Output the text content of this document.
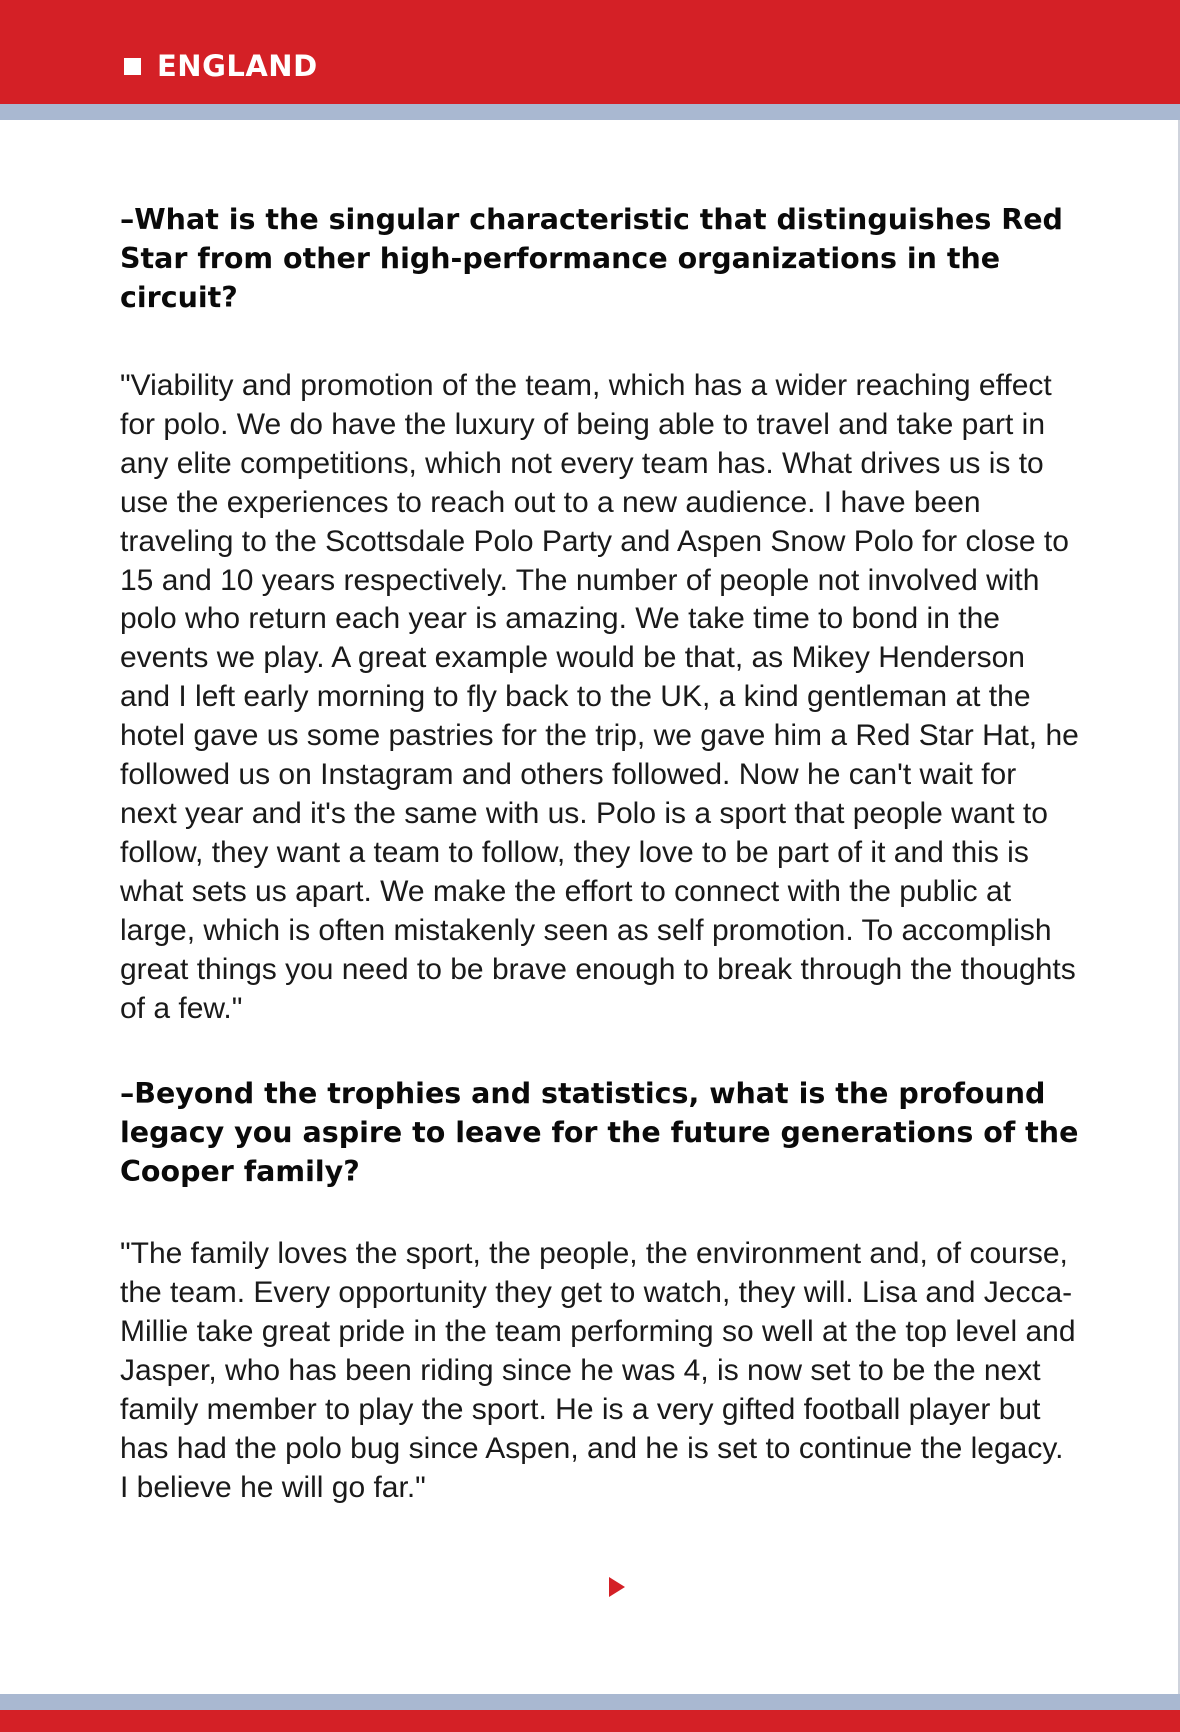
ENGLAND

–What is the singular characteristic that distinguishes Red Star from other high-performance organizations in the circuit?

"Viability and promotion of the team, which has a wider reaching effect for polo. We do have the luxury of being able to travel and take part in any elite competitions, which not every team has. What drives us is to use the experiences to reach out to a new audience. I have been traveling to the Scottsdale Polo Party and Aspen Snow Polo for close to 15 and 10 years respectively. The number of people not involved with polo who return each year is amazing. We take time to bond in the events we play. A great example would be that, as Mikey Henderson and I left early morning to fly back to the UK, a kind gentleman at the hotel gave us some pastries for the trip, we gave him a Red Star Hat, he followed us on Instagram and others followed. Now he can't wait for next year and it's the same with us. Polo is a sport that people want to follow, they want a team to follow, they love to be part of it and this is what sets us apart. We make the effort to connect with the public at large, which is often mistakenly seen as self promotion. To accomplish great things you need to be brave enough to break through the thoughts of a few."

–Beyond the trophies and statistics, what is the profound legacy you aspire to leave for the future generations of the Cooper family?

"The family loves the sport, the people, the environment and, of course, the team. Every opportunity they get to watch, they will. Lisa and Jecca-Millie take great pride in the team performing so well at the top level and Jasper, who has been riding since he was 4, is now set to be the next family member to play the sport. He is a very gifted football player but has had the polo bug since Aspen, and he is set to continue the legacy. I believe he will go far."
